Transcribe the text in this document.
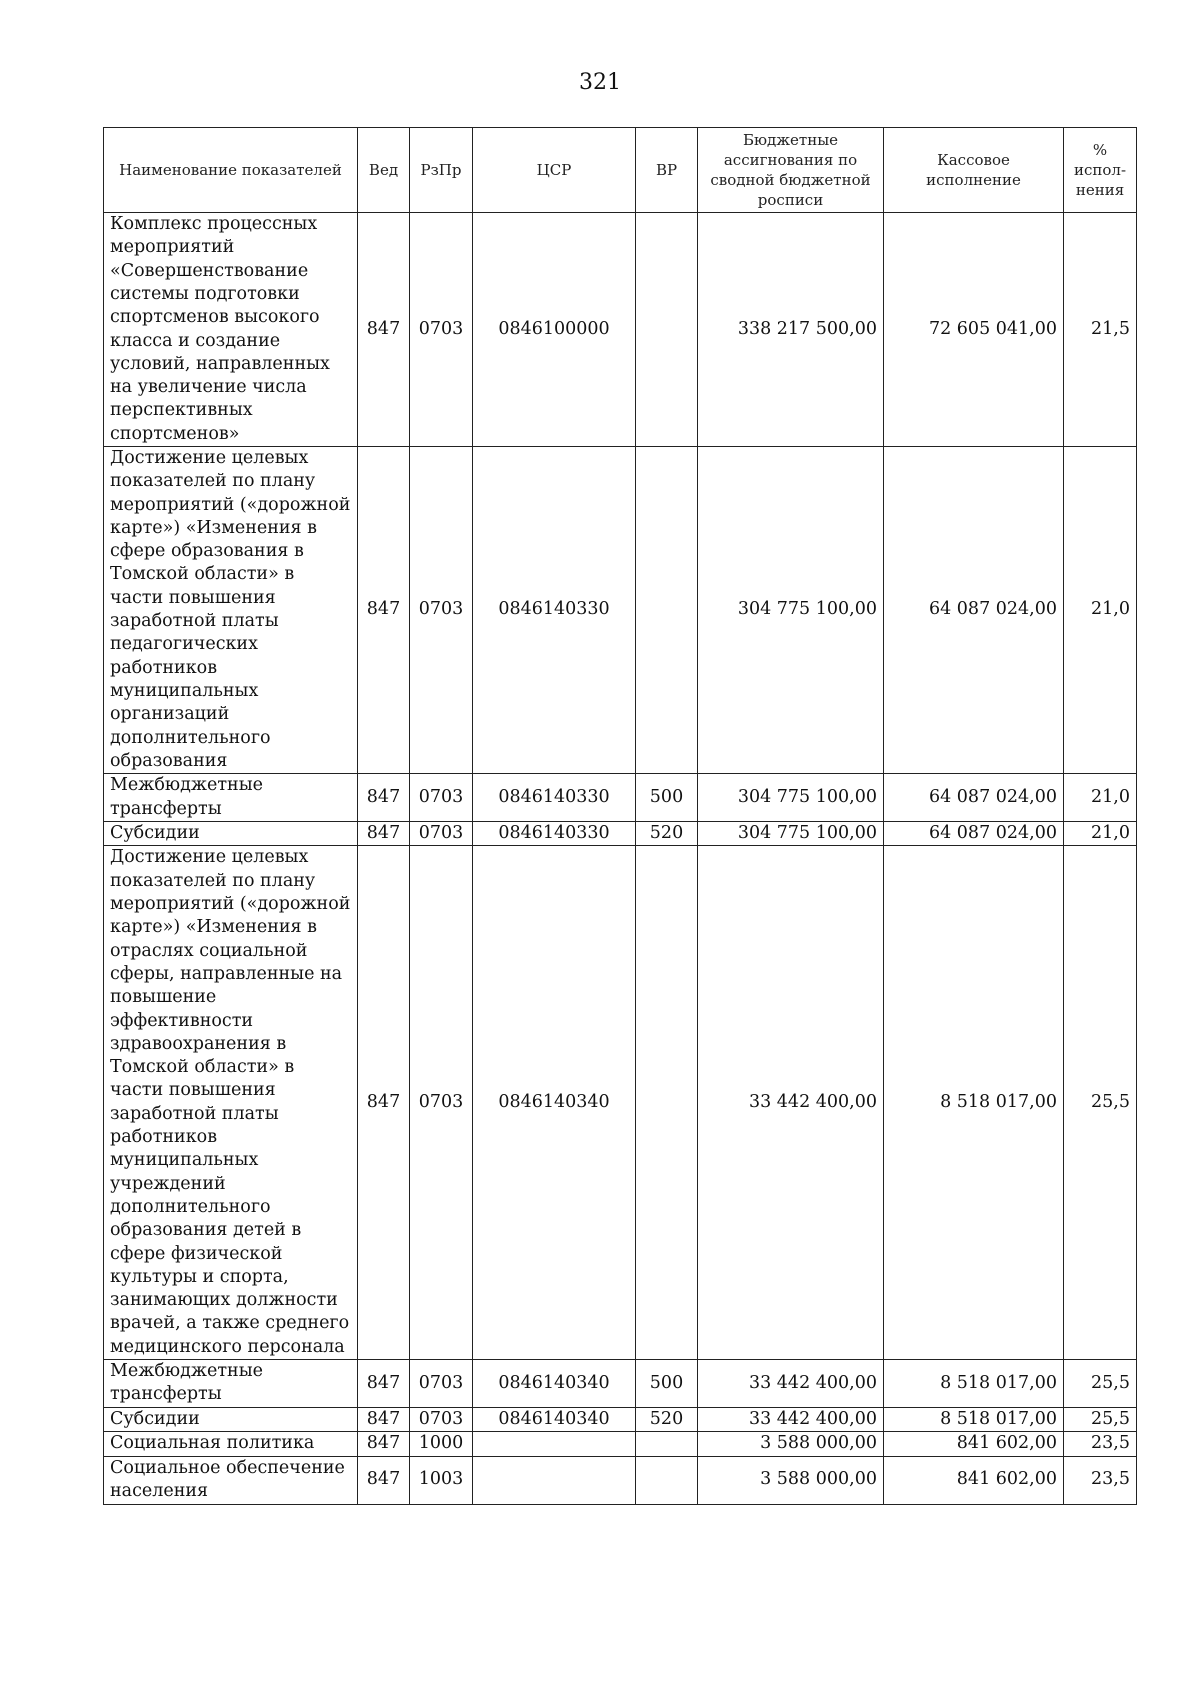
321
Наименование показателей	Вед	РзПр	ЦСР	ВР	Бюджетные ассигнования по сводной бюджетной росписи	Кассовое исполнение	% испол-нения
Комплекс процессных мероприятий «Совершенствование системы подготовки спортсменов высокого класса и создание условий, направленных на увеличение числа перспективных спортсменов»	847	0703	0846100000		338 217 500,00	72 605 041,00	21,5
Достижение целевых показателей по плану мероприятий («дорожной карте») «Изменения в сфере образования в Томской области» в части повышения заработной платы педагогических работников муниципальных организаций дополнительного образования	847	0703	0846140330		304 775 100,00	64 087 024,00	21,0
Межбюджетные трансферты	847	0703	0846140330	500	304 775 100,00	64 087 024,00	21,0
Субсидии	847	0703	0846140330	520	304 775 100,00	64 087 024,00	21,0
Достижение целевых показателей по плану мероприятий («дорожной карте») «Изменения в отраслях социальной сферы, направленные на повышение эффективности здравоохранения в Томской области» в части повышения заработной платы работников муниципальных учреждений дополнительного образования детей в сфере физической культуры и спорта, занимающих должности врачей, а также среднего медицинского персонала	847	0703	0846140340		33 442 400,00	8 518 017,00	25,5
Межбюджетные трансферты	847	0703	0846140340	500	33 442 400,00	8 518 017,00	25,5
Субсидии	847	0703	0846140340	520	33 442 400,00	8 518 017,00	25,5
Социальная политика	847	1000			3 588 000,00	841 602,00	23,5
Социальное обеспечение населения	847	1003			3 588 000,00	841 602,00	23,5
